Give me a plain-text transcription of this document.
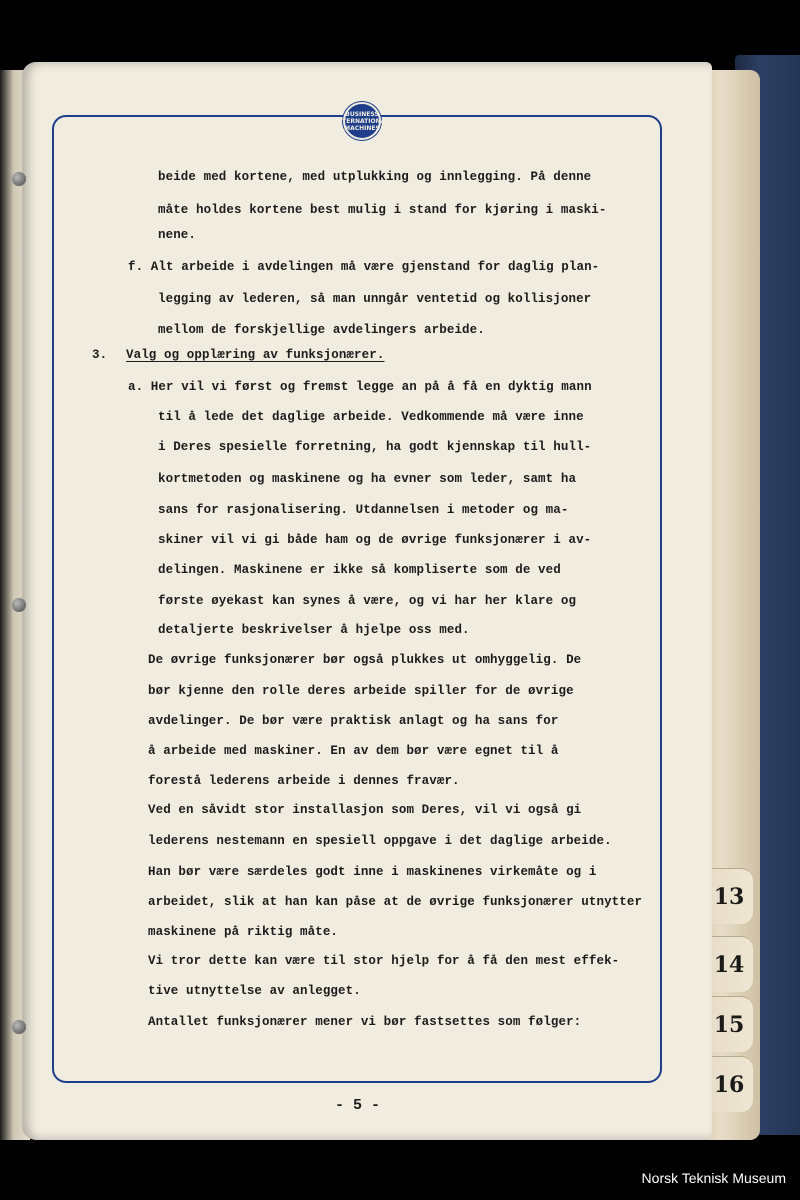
13
14
15
16
BUSINESS
INTERNATIONAL
MACHINES
beide med kortene, med utplukking og innlegging. På denne
måte holdes kortene best mulig i stand for kjøring i maski-
nene.
f. Alt arbeide i avdelingen må være gjenstand for daglig plan-
legging av lederen, så man unngår ventetid og kollisjoner
mellom de forskjellige avdelingers arbeide.
3. Valg og opplæring av funksjonærer.
a. Her vil vi først og fremst legge an på å få en dyktig mann
til å lede det daglige arbeide. Vedkommende må være inne
i Deres spesielle forretning, ha godt kjennskap til hull-
kortmetoden og maskinene og ha evner som leder, samt ha
sans for rasjonalisering. Utdannelsen i metoder og ma-
skiner vil vi gi både ham og de øvrige funksjonærer i av-
delingen. Maskinene er ikke så kompliserte som de ved
første øyekast kan synes å være, og vi har her klare og
detaljerte beskrivelser å hjelpe oss med.
De øvrige funksjonærer bør også plukkes ut omhyggelig. De
bør kjenne den rolle deres arbeide spiller for de øvrige
avdelinger. De bør være praktisk anlagt og ha sans for
å arbeide med maskiner. En av dem bør være egnet til å
forestå lederens arbeide i dennes fravær.
Ved en såvidt stor installasjon som Deres, vil vi også gi
lederens nestemann en spesiell oppgave i det daglige arbeide.
Han bør være særdeles godt inne i maskinenes virkemåte og i
arbeidet, slik at han kan påse at de øvrige funksjonærer utnytter
maskinene på riktig måte.
Vi tror dette kan være til stor hjelp for å få den mest effek-
tive utnyttelse av anlegget.
Antallet funksjonærer mener vi bør fastsettes som følger:
- 5 -
Norsk Teknisk Museum
